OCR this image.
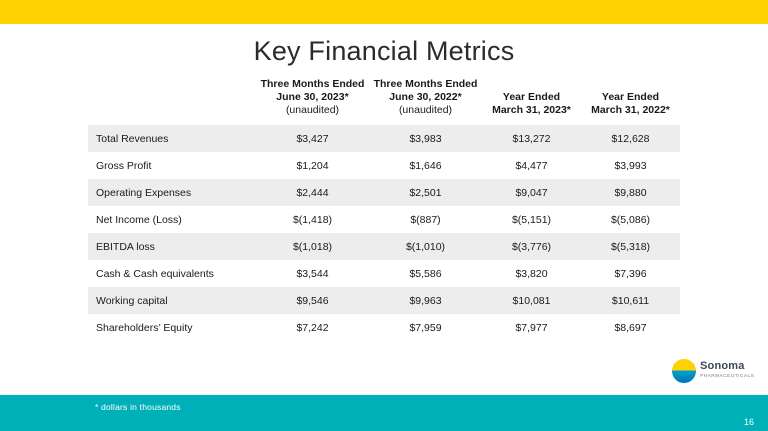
Key Financial Metrics

	Three Months Ended
June 30, 2023*
(unaudited)	Three Months Ended
June 30, 2022*
(unaudited)	Year Ended
March 31, 2023*	Year Ended
March 31, 2022*

Total Revenues	$3,427	$3,983	$13,272	$12,628
Gross Profit	$1,204	$1,646	$4,477	$3,993
Operating Expenses	$2,444	$2,501	$9,047	$9,880
Net Income (Loss)	$(1,418)	$(887)	$(5,151)	$(5,086)
EBITDA loss	$(1,018)	$(1,010)	$(3,776)	$(5,318)
Cash & Cash equivalents	$3,544	$5,586	$3,820	$7,396
Working capital	$9,546	$9,963	$10,081	$10,611
Shareholders’ Equity	$7,242	$7,959	$7,977	$8,697
Sonoma
PHARMACEUTICALS
* dollars in thousands
16
